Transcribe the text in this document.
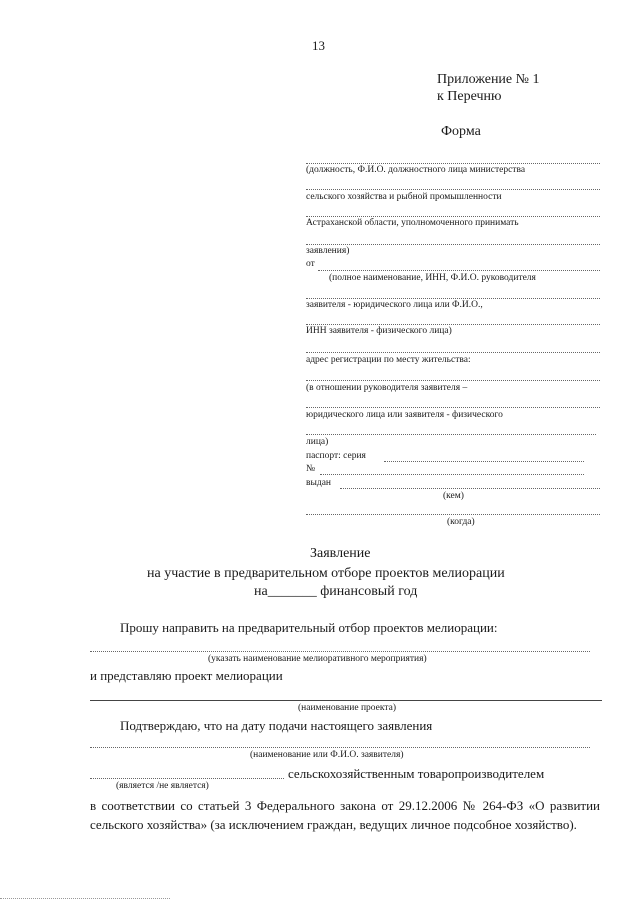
13
Приложение № 1
к Перечню
Форма
(должность, Ф.И.О. должностного лица министерства
сельского хозяйства и рыбной промышленности
Астраханской области, уполномоченного принимать
заявления)
от
(полное наименование, ИНН, Ф.И.О. руководителя
заявителя - юридического лица или Ф.И.О.,
ИНН заявителя - физического лица)
адрес регистрации по месту жительства:
(в отношении руководителя заявителя –
юридического лица или заявителя - физического
лица)
паспорт: серия
№
выдан
(кем)
(когда)
Заявление
на участие в предварительном отборе проектов мелиорации
на_______ финансовый год
Прошу направить на предварительный отбор проектов мелиорации:
(указать наименование мелиоративного мероприятия)
и представляю проект мелиорации
(наименование проекта)
Подтверждаю, что на дату подачи настоящего заявления
(наименование или Ф.И.О. заявителя)
сельскохозяйственным товаропроизводителем
(является /не является)
в соответствии со статьей 3 Федерального закона от 29.12.2006 № 264-ФЗ «О развитии сельского хозяйства» (за исключением граждан, ведущих личное подсобное хозяйство).
